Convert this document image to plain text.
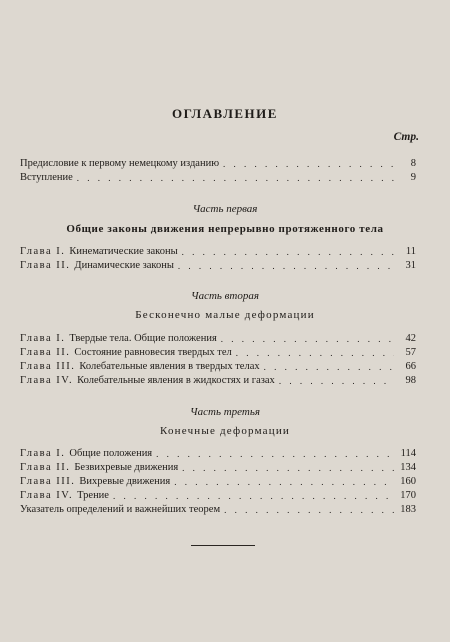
ОГЛАВЛЕНИЕ
Стр.
Предисловие к первому немецкому изданию . . .	8
Вступление . . .	9
Часть первая
Общие законы движения непрерывно протяженного тела
Глава I. Кинематические законы . . .	11
Глава II. Динамические законы . . .	31
Часть вторая
Бесконечно малые деформации
Глава I. Твердые тела. Общие положения . . .	42
Глава II. Состояние равновесия твердых тел . . .	57
Глава III. Колебательные явления в твердых телах . . .	66
Глава IV. Колебательные явления в жидкостях и газах . . .	98
Часть третья
Конечные деформации
Глава I. Общие положения . . .	114
Глава II. Безвихревые движения . . .	134
Глава III. Вихревые движения . . .	160
Глава IV. Трение . . .	170
Указатель определений и важнейших теорем . . .	183
